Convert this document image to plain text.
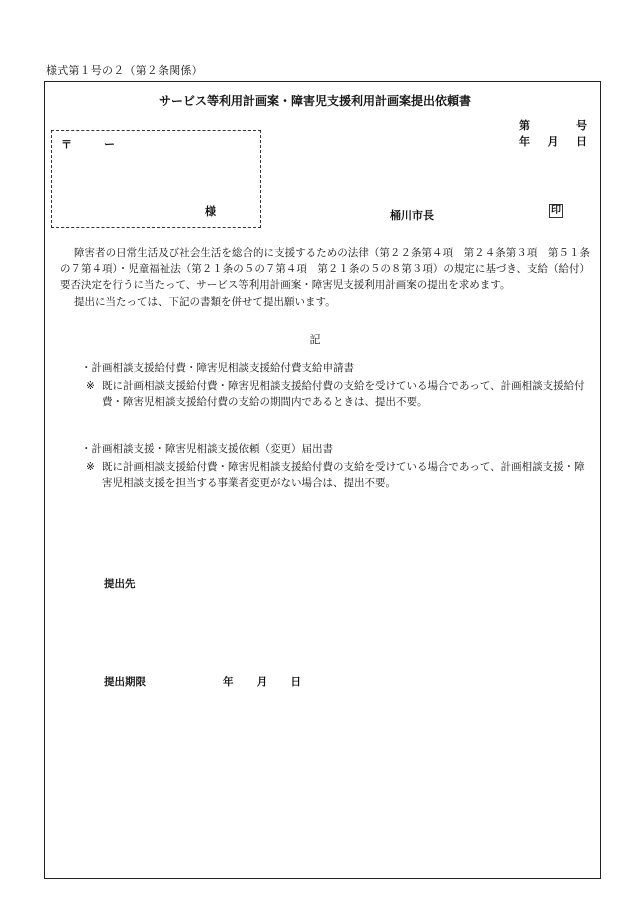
様式第１号の２（第２条関係）
サービス等利用計画案・障害児支援利用計画案提出依頼書
第	号
年 月 日
〒	ー
様	桶川市長	印

障害者の日常生活及び社会生活を総合的に支援するための法律（第２２条第４項　第２４条第３項　第５１条の７第４項）・児童福祉法（第２１条の５の７第４項　第２１条の５の８第３項）の規定に基づき、支給（給付）要否決定を行うに当たって、サービス等利用計画案・障害児支援利用計画案の提出を求めます。

提出に当たっては、下記の書類を併せて提出願います。

記

・計画相談支援給付費・障害児相談支援給付費支給申請書

※ 既に計画相談支援給付費・障害児相談支援給付費の支給を受けている場合であって、計画相談支援給付費・障害児相談支援給付費の支給の期間内であるときは、提出不要。

・計画相談支援・障害児相談支援依頼（変更）届出書

※ 既に計画相談支援給付費・障害児相談支援給付費の支給を受けている場合であって、計画相談支援・障害児相談支援を担当する事業者変更がない場合は、提出不要。
提出先
提出期限	年 月 日
